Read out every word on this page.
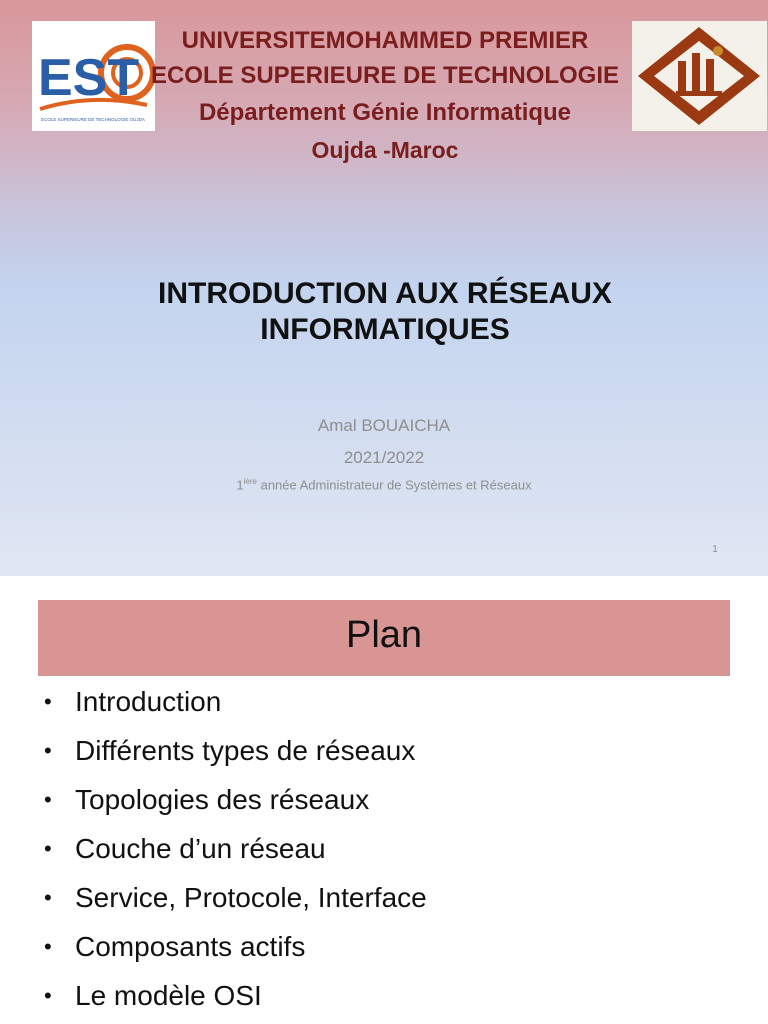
EST
ECOLE SUPERIEURE DE TECHNOLOGIE OUJDA
UNIVERSITEMOHAMMED PREMIER
ECOLE SUPERIEURE DE TECHNOLOGIE
Département Génie Informatique
Oujda -Maroc
INTRODUCTION AUX RÉSEAUX
INFORMATIQUES
Amal BOUAICHA
2021/2022
$1^{ière}$ année Administrateur de Systèmes et Réseaux
1
Plan
• Introduction
• Différents types de réseaux
• Topologies des réseaux
• Couche d’un réseau
• Service, Protocole, Interface
• Composants actifs
• Le modèle OSI
